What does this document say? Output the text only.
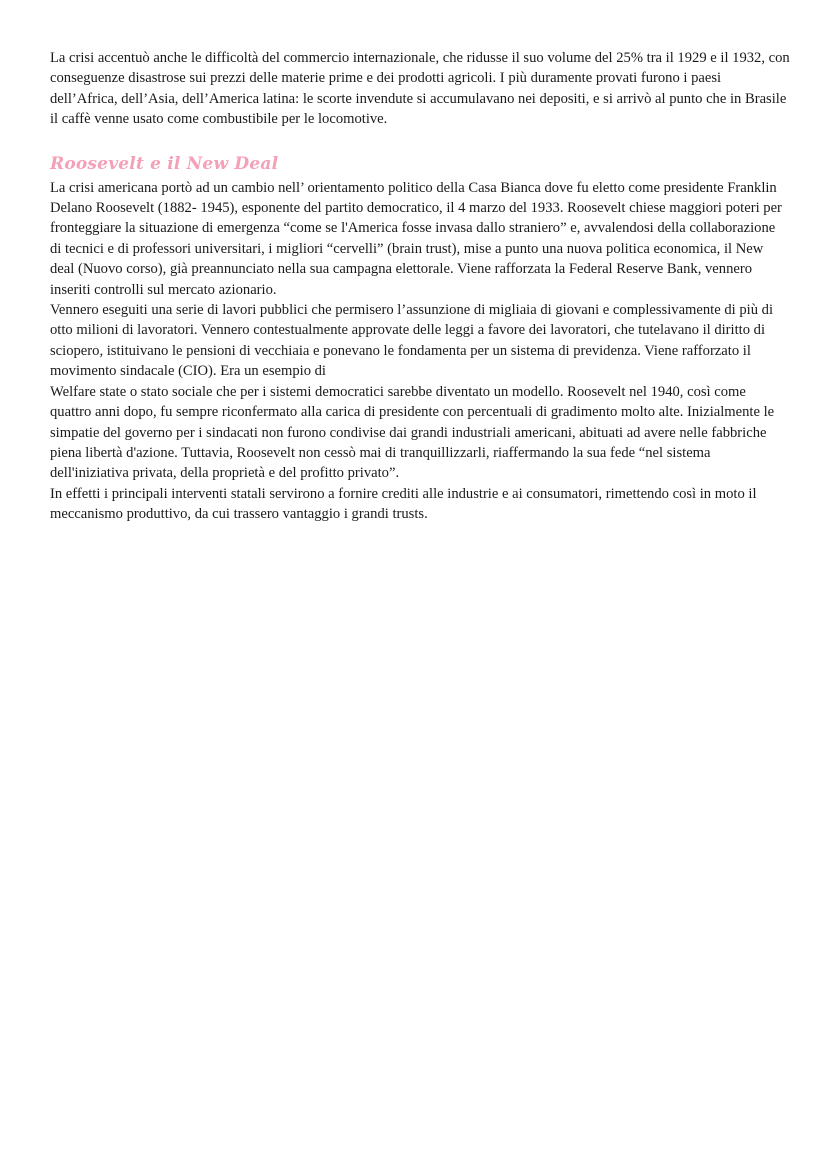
La crisi accentuò anche le difficoltà del commercio internazionale, che ridusse il suo volume del 25% tra il 1929 e il 1932, con conseguenze disastrose sui prezzi delle materie prime e dei prodotti agricoli. I più duramente provati furono i paesi dell’Africa, dell’Asia, dell’America latina: le scorte invendute si accumulavano nei depositi, e si arrivò al punto che in Brasile il caffè venne usato come combustibile per le locomotive.

Roosevelt e il New Deal

La crisi americana portò ad un cambio nell’ orientamento politico della Casa Bianca dove fu eletto come presidente Franklin Delano Roosevelt (1882- 1945), esponente del partito democratico, il 4 marzo del 1933. Roosevelt chiese maggiori poteri per fronteggiare la situazione di emergenza “come se l'America fosse invasa dallo straniero” e, avvalendosi della collaborazione di tecnici e di professori universitari, i migliori “cervelli” (brain trust), mise a punto una nuova politica economica, il New deal (Nuovo corso), già preannunciato nella sua campagna elettorale. Viene rafforzata la Federal Reserve Bank, vennero inseriti controlli sul mercato azionario.

Vennero eseguiti una serie di lavori pubblici che permisero l’assunzione di migliaia di giovani e complessivamente di più di otto milioni di lavoratori. Vennero contestualmente approvate delle leggi a favore dei lavoratori, che tutelavano il diritto di sciopero, istituivano le pensioni di vecchiaia e ponevano le fondamenta per un sistema di previdenza. Viene rafforzato il movimento sindacale (CIO). Era un esempio di

Welfare state o stato sociale che per i sistemi democratici sarebbe diventato un modello. Roosevelt nel 1940, così come quattro anni dopo, fu sempre riconfermato alla carica di presidente con percentuali di gradimento molto alte. Inizialmente le simpatie del governo per i sindacati non furono condivise dai grandi industriali americani, abituati ad avere nelle fabbriche piena libertà d'azione. Tuttavia, Roosevelt non cessò mai di tranquillizzarli, riaffermando la sua fede “nel sistema dell'iniziativa privata, della proprietà e del profitto privato”.

In effetti i principali interventi statali servirono a fornire crediti alle industrie e ai consumatori, rimettendo così in moto il meccanismo produttivo, da cui trassero vantaggio i grandi trusts.
